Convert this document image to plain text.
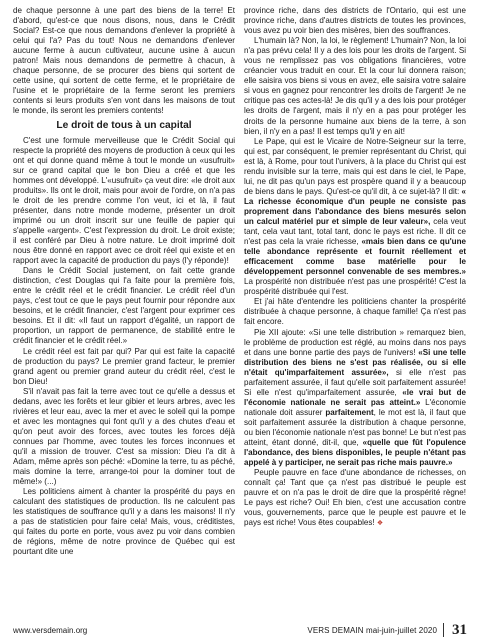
de chaque personne à une part des biens de la terre! Et d'abord, qu'est-ce que nous disons, nous, dans le Crédit Social? Est-ce que nous demandons d'enlever la propriété à celui qui l'a? Pas du tout! Nous ne demandons d'enlever aucune ferme à aucun cultivateur, aucune usine à aucun patron! Mais nous demandons de permettre à chacun, à chaque personne, de se procurer des biens qui sortent de cette usine, qui sortent de cette ferme, et le propriétaire de l'usine et le propriétaire de la ferme seront les premiers contents si leurs produits s'en vont dans les maisons de tout le monde, ils seront les premiers contents!

Le droit de tous à un capital

C'est une formule merveilleuse que le Crédit Social qui respecte la propriété des moyens de production à ceux qui les ont et qui donne quand même à tout le monde un «usufruit» sur ce grand capital que le bon Dieu a créé et que les hommes ont développé. L'«usufruit» ça veut dire: «le droit aux produits». Ils ont le droit, mais pour avoir de l'ordre, on n'a pas le droit de les prendre comme l'on veut, ici et là, il faut présenter, dans notre monde moderne, présenter un droit imprimé ou un droit inscrit sur une feuille de papier qui s'appelle «argent». C'est l'expression du droit. Le droit existe; il est conféré par Dieu à notre nature. Le droit imprimé doit nous être donné en rapport avec ce droit réel qui existe et en rapport avec la capacité de production du pays (l'y réponde)!

Dans le Crédit Social justement, on fait cette grande distinction, c'est Douglas qui l'a faite pour la première fois, entre le crédit réel et le crédit financier. Le crédit réel d'un pays, c'est tout ce que le pays peut fournir pour répondre aux besoins, et le crédit financier, c'est l'argent pour exprimer ces besoins. Et il dit: «Il faut un rapport d'égalité, un rapport de proportion, un rapport de permanence, de stabilité entre le crédit financier et le crédit réel.»

Le crédit réel est fait par qui? Par qui est faite la capacité de production du pays? Le premier grand facteur, le premier grand agent ou premier grand auteur du crédit réel, c'est le bon Dieu!

S'il n'avait pas fait la terre avec tout ce qu'elle a dessus et dedans, avec les forêts et leur gibier et leurs arbres, avec les rivières et leur eau, avec la mer et avec le soleil qui la pompe et avec les montagnes qui font qu'il y a des chutes d'eau et qu'on peut avoir des forces, avec toutes les forces déjà connues par l'homme, avec toutes les forces inconnues et qu'il a mission de trouver. C'est sa mission: Dieu l'a dit à Adam, même après son péché: «Domine la terre, tu as péché, mais domine la terre, arrange-toi pour la dominer tout de même!» (...)

Les politiciens aiment à chanter la prospérité du pays en calculant des statistiques de production. Ils ne calculent pas les statistiques de souffrance qu'il y a dans les maisons! Il n'y a pas de statisticien pour faire cela! Mais, vous, créditistes, qui faites du porte en porte, vous avez pu voir dans combien de régions, même de notre province de Québec qui est pourtant dite une

province riche, dans des districts de l'Ontario, qui est une province riche, dans d'autres districts de toutes les provinces, vous avez pu voir bien des misères, bien des souffrances.

L'humain là? Non, la loi, le règlement! L'humain? Non, la loi n'a pas prévu cela! Il y a des lois pour les droits de l'argent. Si vous ne remplissez pas vos obligations financières, votre créancier vous traduit en cour. Et la cour lui donnera raison; elle saisira vos biens si vous en avez, elle saisira votre salaire si vous en gagnez pour rencontrer les droits de l'argent! Je ne critique pas ces actes-là! Je dis qu'il y a des lois pour protéger les droits de l'argent, mais il n'y en a pas pour protéger les droits de la personne humaine aux biens de la terre, à son bien, il n'y en a pas! Il est temps qu'il y en ait!

Le Pape, qui est le Vicaire de Notre-Seigneur sur la terre, qui est, par conséquent, le premier représentant du Christ, qui est là, à Rome, pour tout l'univers, à la place du Christ qui est rendu invisible sur la terre, mais qui est dans le ciel, le Pape, lui, ne dit pas qu'un pays est prospère quand il y a beaucoup de biens dans le pays. Qu'est-ce qu'il dit, à ce sujet-là? Il dit: « La richesse économique d'un peuple ne consiste pas proprement dans l'abondance des biens mesurés selon un calcul matériel pur et simple de leur valeur», cela veut tant, cela vaut tant, total tant, donc le pays est riche. Il dit ce n'est pas cela la vraie richesse, «mais bien dans ce qu'une telle abondance représente et fournit réellement et efficacement comme base matérielle pour le développement personnel convenable de ses membres.» La prospérité non distribuée n'est pas une prospérité! C'est la prospérité distribuée qui l'est.

Et j'ai hâte d'entendre les politiciens chanter la prospérité distribuée à chaque personne, à chaque famille! Ça n'est pas fait encore.

Pie XII ajoute: «Si une telle distribution » remarquez bien, le problème de production est réglé, au moins dans nos pays et dans une bonne partie des pays de l'univers! «Si une telle distribution des biens ne s'est pas réalisée, ou si elle n'était qu'imparfaitement assurée», si elle n'est pas parfaitement assurée, il faut qu'elle soit parfaitement assurée! Si elle n'est qu'imparfaitement assurée, «le vrai but de l'économie nationale ne serait pas atteint.» L'économie nationale doit assurer parfaitement, le mot est là, il faut que soit parfaitement assurée la distribution à chaque personne, ou bien l'économie nationale n'est pas bonne! Le but n'est pas atteint, étant donné, dit-il, que, «quelle que fût l'opulence l'abondance, des biens disponibles, le peuple n'étant pas appelé à y participer, ne serait pas riche mais pauvre.»

Peuple pauvre en face d'une abondance de richesses, on connaît ça! Tant que ça n'est pas distribué le peuple est pauvre et on n'a pas le droit de dire que la prospérité règne! Le pays est riche? Oui! Eh bien, c'est une accusation contre vous, gouvernements, parce que le peuple est pauvre et le pays est riche! Vous êtes coupables! ❖

www.versdemain.org	VERS DEMAIN mai-juin-juillet 2020 31
